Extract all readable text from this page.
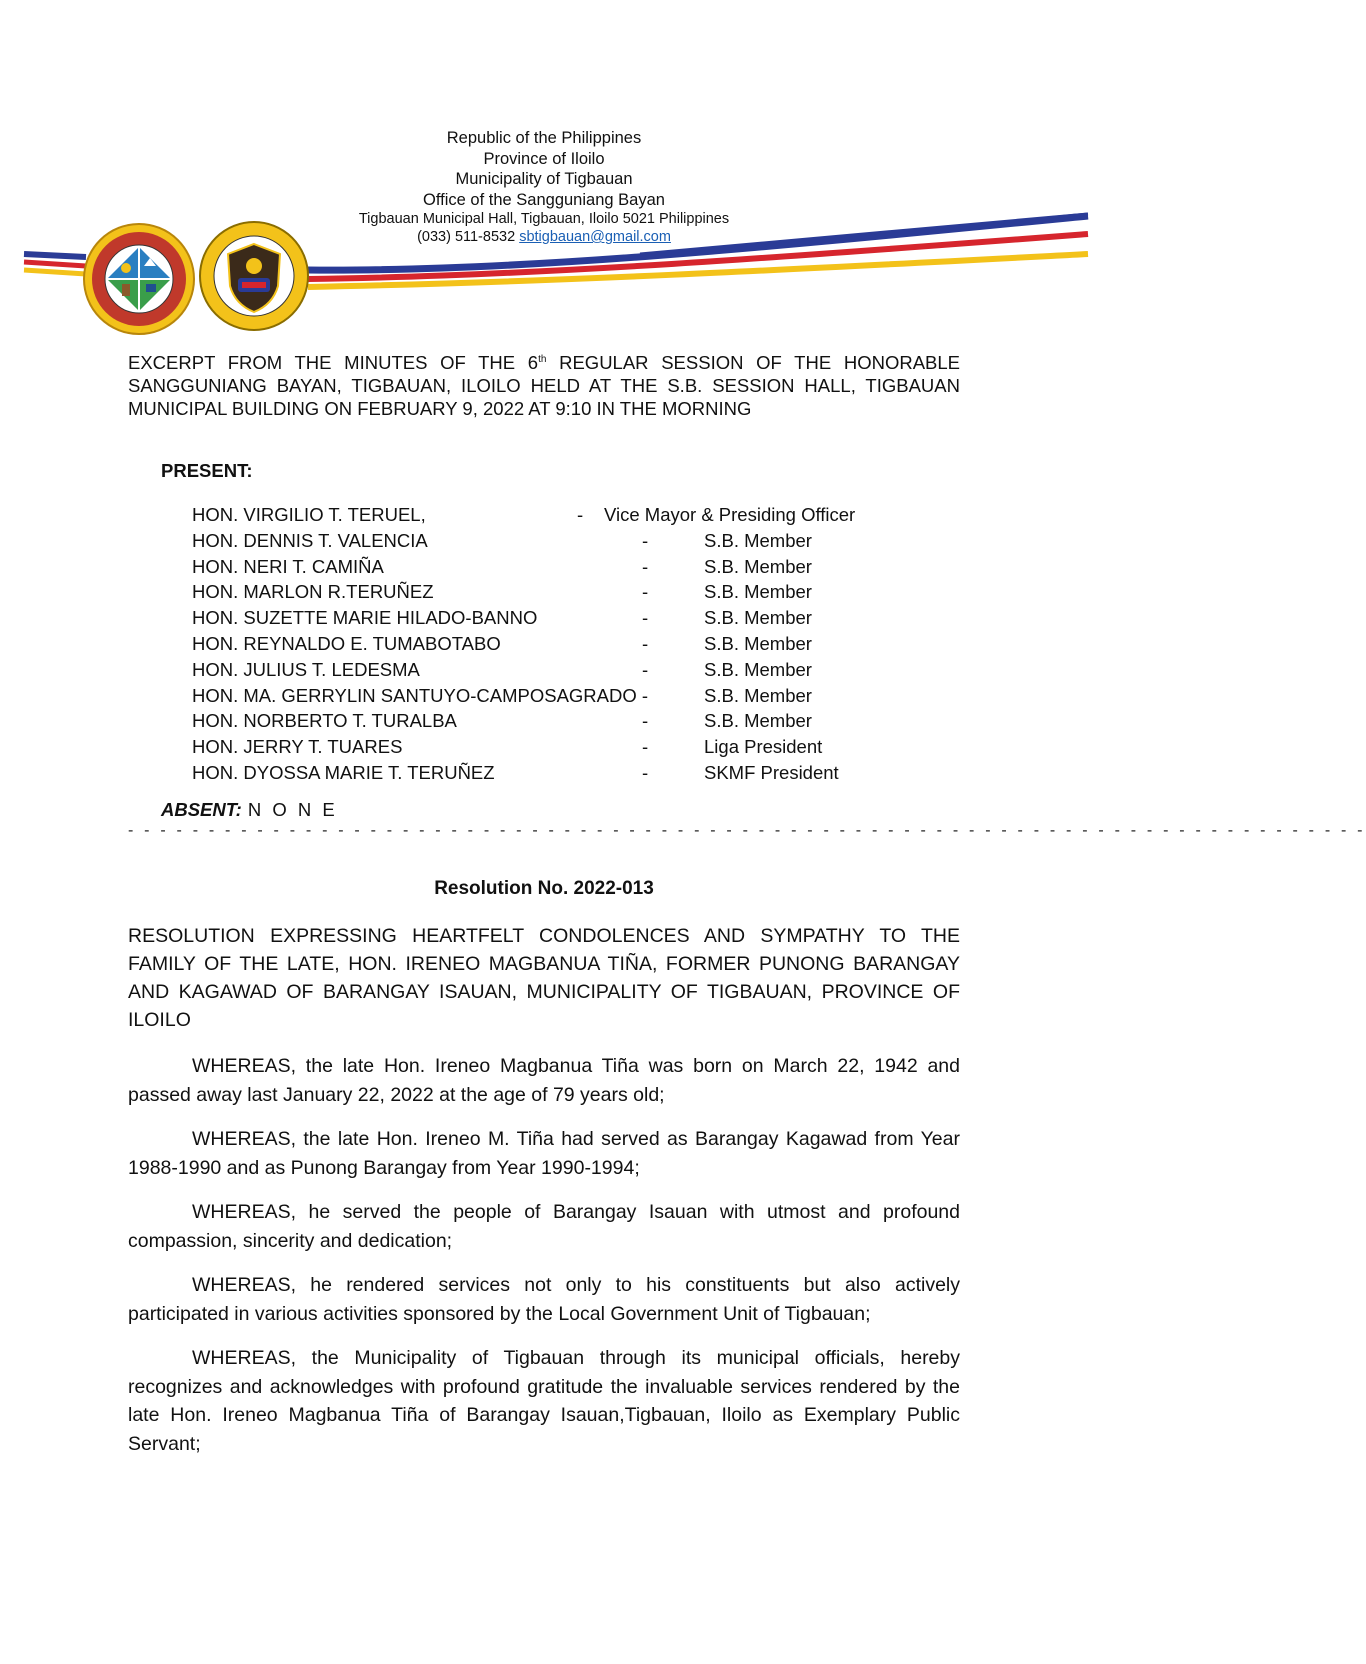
Republic of the Philippines
Province of Iloilo
Municipality of Tigbauan
Office of the Sangguniang Bayan
Tigbauan Municipal Hall, Tigbauan, Iloilo 5021 Philippines
(033) 511-8532 sbtigbauan@gmail.com
EXCERPT FROM THE MINUTES OF THE 6th REGULAR SESSION OF THE HONORABLE SANGGUNIANG BAYAN, TIGBAUAN, ILOILO HELD AT THE S.B. SESSION HALL, TIGBAUAN MUNICIPAL BUILDING ON FEBRUARY 9, 2022 AT 9:10 IN THE MORNING
PRESENT:
HON. VIRGILIO T. TERUEL,	- Vice Mayor & Presiding Officer
HON. DENNIS T. VALENCIA	-	S.B. Member
HON. NERI T. CAMIÑA	-	S.B. Member
HON. MARLON R.TERUÑEZ	-	S.B. Member
HON. SUZETTE MARIE HILADO-BANNO	-	S.B. Member
HON. REYNALDO E. TUMABOTABO	-	S.B. Member
HON. JULIUS T. LEDESMA	-	S.B. Member
HON. MA. GERRYLIN SANTUYO-CAMPOSAGRADO -	S.B. Member
HON. NORBERTO T. TURALBA	-	S.B. Member
HON. JERRY T. TUARES	-	Liga President
HON. DYOSSA MARIE T. TERUÑEZ	-	SKMF President
ABSENT: N O N E
- - - - - - - - - - - - - - - - - - - - - - - - - - - - - - - - - - - - - - - - - - - - - - - - - - - - - - - - - - - - - - - - - - - - - - - - - - - - -
Resolution No. 2022-013
RESOLUTION EXPRESSING HEARTFELT CONDOLENCES AND SYMPATHY TO THE FAMILY OF THE LATE, HON. IRENEO MAGBANUA TIÑA, FORMER PUNONG BARANGAY AND KAGAWAD OF BARANGAY ISAUAN, MUNICIPALITY OF TIGBAUAN, PROVINCE OF ILOILO

WHEREAS, the late Hon. Ireneo Magbanua Tiña was born on March 22, 1942 and passed away last January 22, 2022 at the age of 79 years old;

WHEREAS, the late Hon. Ireneo M. Tiña had served as Barangay Kagawad from Year 1988-1990 and as Punong Barangay from Year 1990-1994;

WHEREAS, he served the people of Barangay Isauan with utmost and profound compassion, sincerity and dedication;

WHEREAS, he rendered services not only to his constituents but also actively participated in various activities sponsored by the Local Government Unit of Tigbauan;

WHEREAS, the Municipality of Tigbauan through its municipal officials, hereby recognizes and acknowledges with profound gratitude the invaluable services rendered by the late Hon. Ireneo Magbanua Tiña of Barangay Isauan,Tigbauan, Iloilo as Exemplary Public Servant;
